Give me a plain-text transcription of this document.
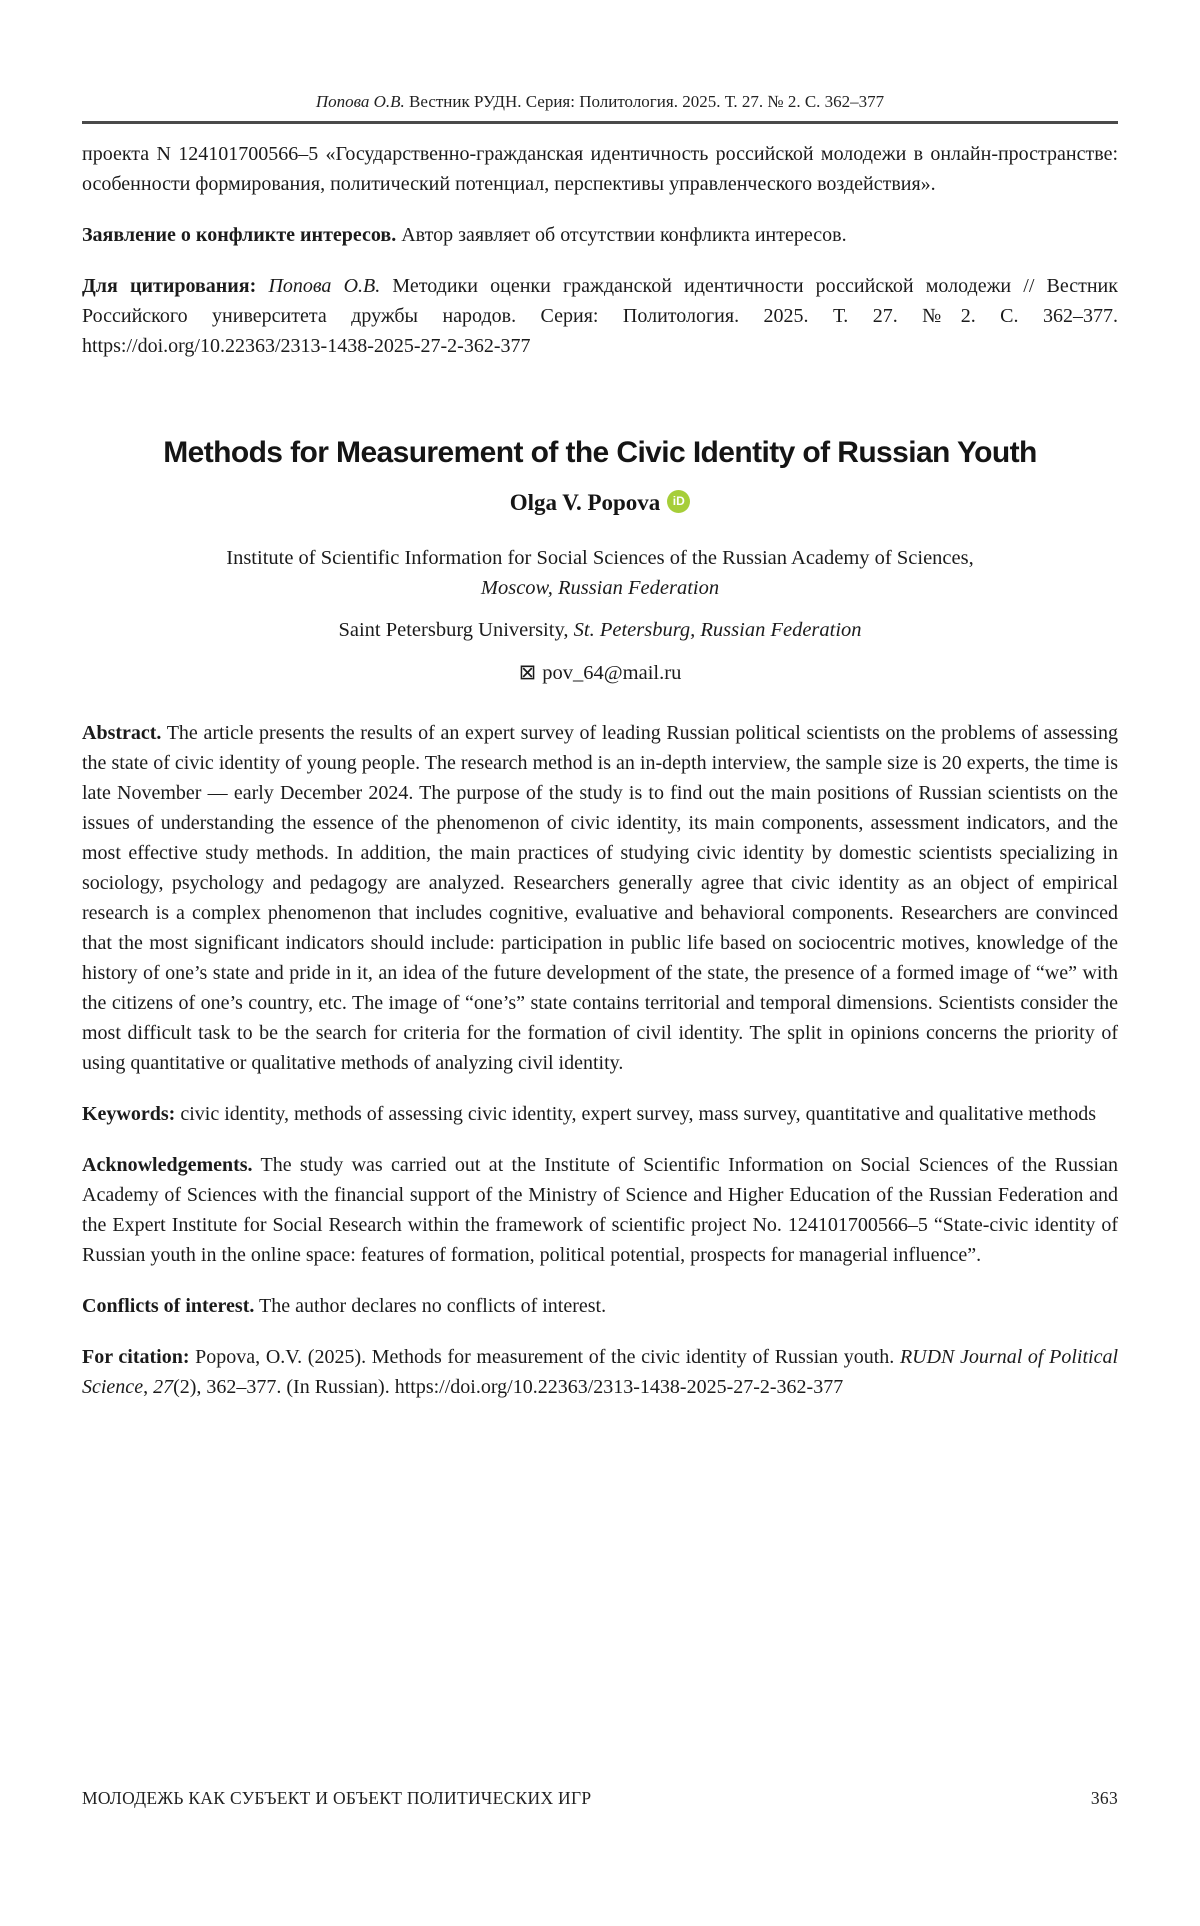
Попова О.В. Вестник РУДН. Серия: Политология. 2025. Т. 27. № 2. С. 362–377

проекта N 124101700566–5 «Государственно-гражданская идентичность российской молодежи в онлайн-пространстве: особенности формирования, политический потенциал, перспективы управленческого воздействия».

Заявление о конфликте интересов. Автор заявляет об отсутствии конфликта интересов.

Для цитирования: Попова О.В. Методики оценки гражданской идентичности российской молодежи // Вестник Российского университета дружбы народов. Серия: Политология. 2025. Т. 27. №2. С. 362–377. https://doi.org/10.22363/2313-1438-2025-27-2-362-377

Methods for Measurement of the Civic Identity of Russian Youth
Olga V. Popova iD
Institute of Scientific Information for Social Sciences of the Russian Academy of Sciences,
Moscow, Russian Federation
Saint Petersburg University, St. Petersburg, Russian Federation
⊠ pov_64@mail.ru

Abstract. The article presents the results of an expert survey of leading Russian political scientists on the problems of assessing the state of civic identity of young people. The research method is an in-depth interview, the sample size is 20 experts, the time is late November — early December 2024. The purpose of the study is to find out the main positions of Russian scientists on the issues of understanding the essence of the phenomenon of civic identity, its main components, assessment indicators, and the most effective study methods. In addition, the main practices of studying civic identity by domestic scientists specializing in sociology, psychology and pedagogy are analyzed. Researchers generally agree that civic identity as an object of empirical research is a complex phenomenon that includes cognitive, evaluative and behavioral components. Researchers are convinced that the most significant indicators should include: participation in public life based on sociocentric motives, knowledge of the history of one’s state and pride in it, an idea of the future development of the state, the presence of a formed image of “we” with the citizens of one’s country, etc. The image of “one’s” state contains territorial and temporal dimensions. Scientists consider the most difficult task to be the search for criteria for the formation of civil identity. The split in opinions concerns the priority of using quantitative or qualitative methods of analyzing civil identity.

Keywords: civic identity, methods of assessing civic identity, expert survey, mass survey, quantitative and qualitative methods

Acknowledgements. The study was carried out at the Institute of Scientific Information on Social Sciences of the Russian Academy of Sciences with the financial support of the Ministry of Science and Higher Education of the Russian Federation and the Expert Institute for Social Research within the framework of scientific project No. 124101700566–5 “State-civic identity of Russian youth in the online space: features of formation, political potential, prospects for managerial influence”.

Conflicts of interest. The author declares no conflicts of interest.

For citation: Popova, O.V. (2025). Methods for measurement of the civic identity of Russian youth. RUDN Journal of Political Science, 27(2), 362–377. (In Russian). https://doi.org/10.22363/2313-1438-2025-27-2-362-377

МОЛОДЕЖЬ КАК СУБЪЕКТ И ОБЪЕКТ ПОЛИТИЧЕСКИХ ИГР	363
